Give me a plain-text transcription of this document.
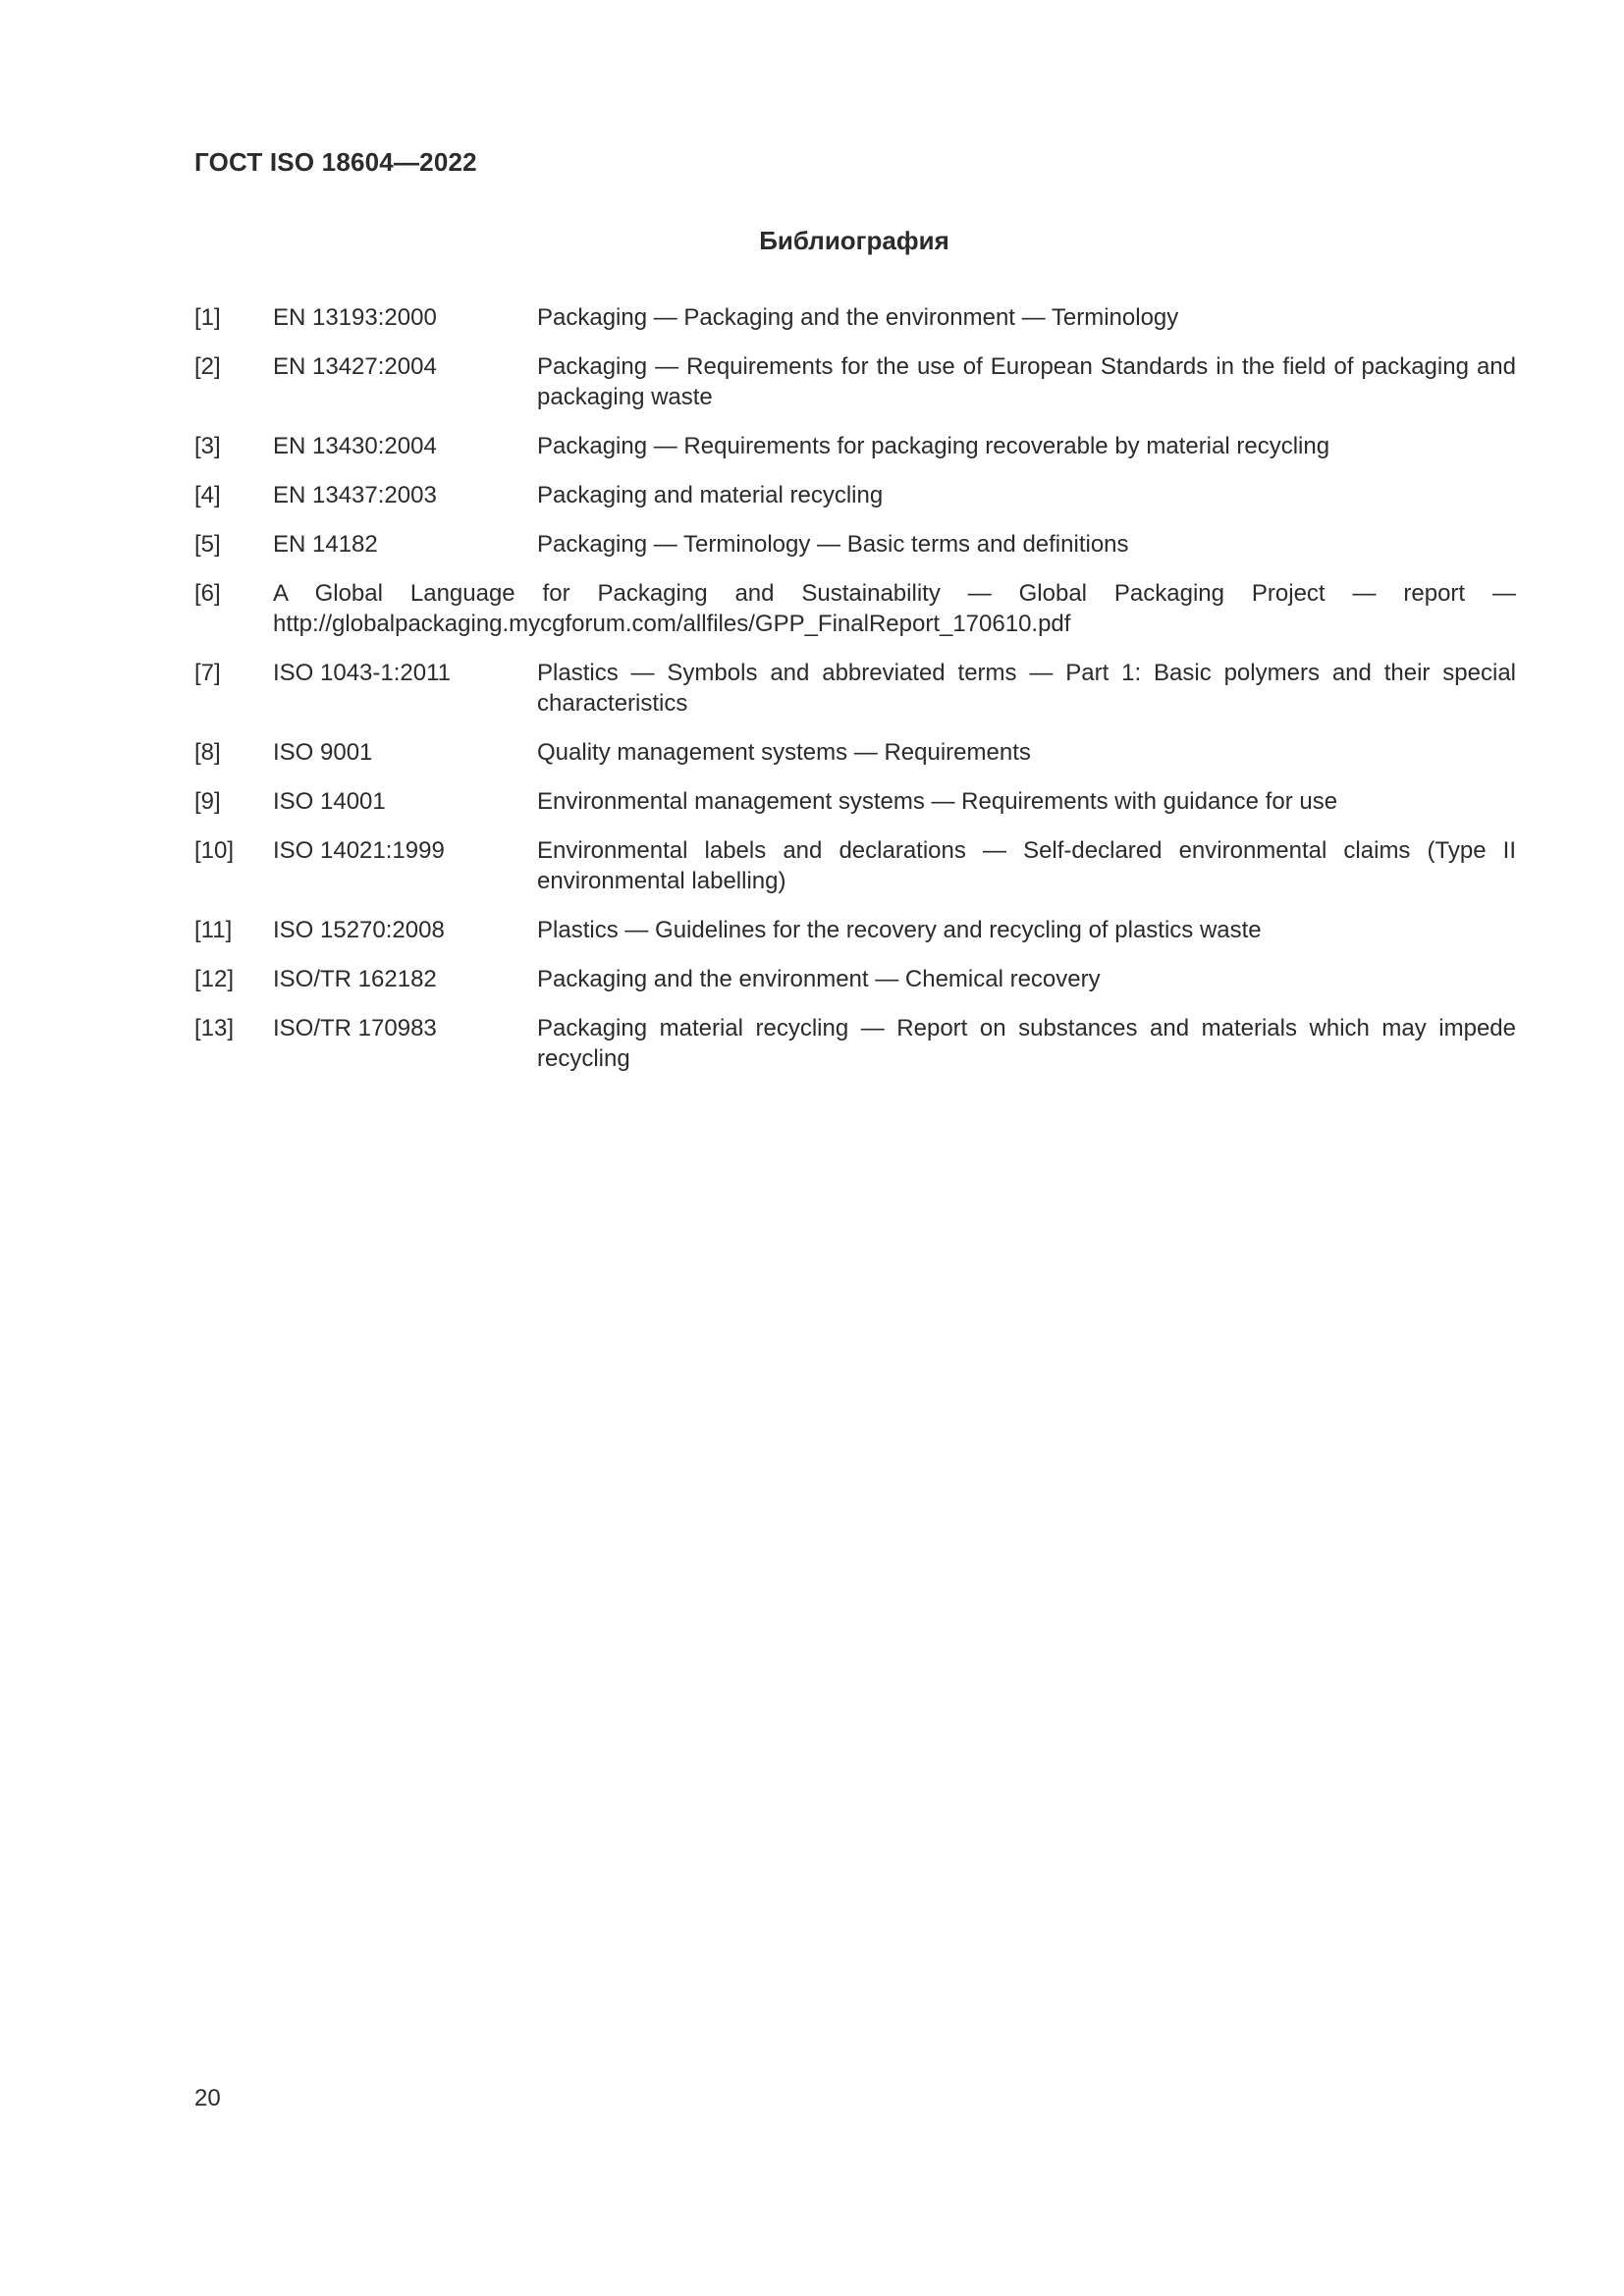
ГОСТ ISO 18604—2022

Библиография
[1]	EN 13193:2000	Packaging — Packaging and the environment — Terminology
[2]	EN 13427:2004	Packaging — Requirements for the use of European Standards in the field of packaging and packaging waste
[3]	EN 13430:2004	Packaging — Requirements for packaging recoverable by material recycling
[4]	EN 13437:2003	Packaging and material recycling
[5]	EN 14182	Packaging — Terminology — Basic terms and definitions
[6]	A Global Language for Packaging and Sustainability — Global Packaging Project — report — http://globalpackaging.mycgforum.com/allfiles/GPP_FinalReport_170610.pdf
[7]	ISO 1043-1:2011	Plastics — Symbols and abbreviated terms — Part 1: Basic polymers and their special characteristics
[8]	ISO 9001	Quality management systems — Requirements
[9]	ISO 14001	Environmental management systems — Requirements with guidance for use
[10]	ISO 14021:1999	Environmental labels and declarations — Self-declared environmental claims (Type II environmental labelling)
[11]	ISO 15270:2008	Plastics — Guidelines for the recovery and recycling of plastics waste
[12]	ISO/TR 162182	Packaging and the environment — Chemical recovery
[13]	ISO/TR 170983	Packaging material recycling — Report on substances and materials which may impede recycling

20
